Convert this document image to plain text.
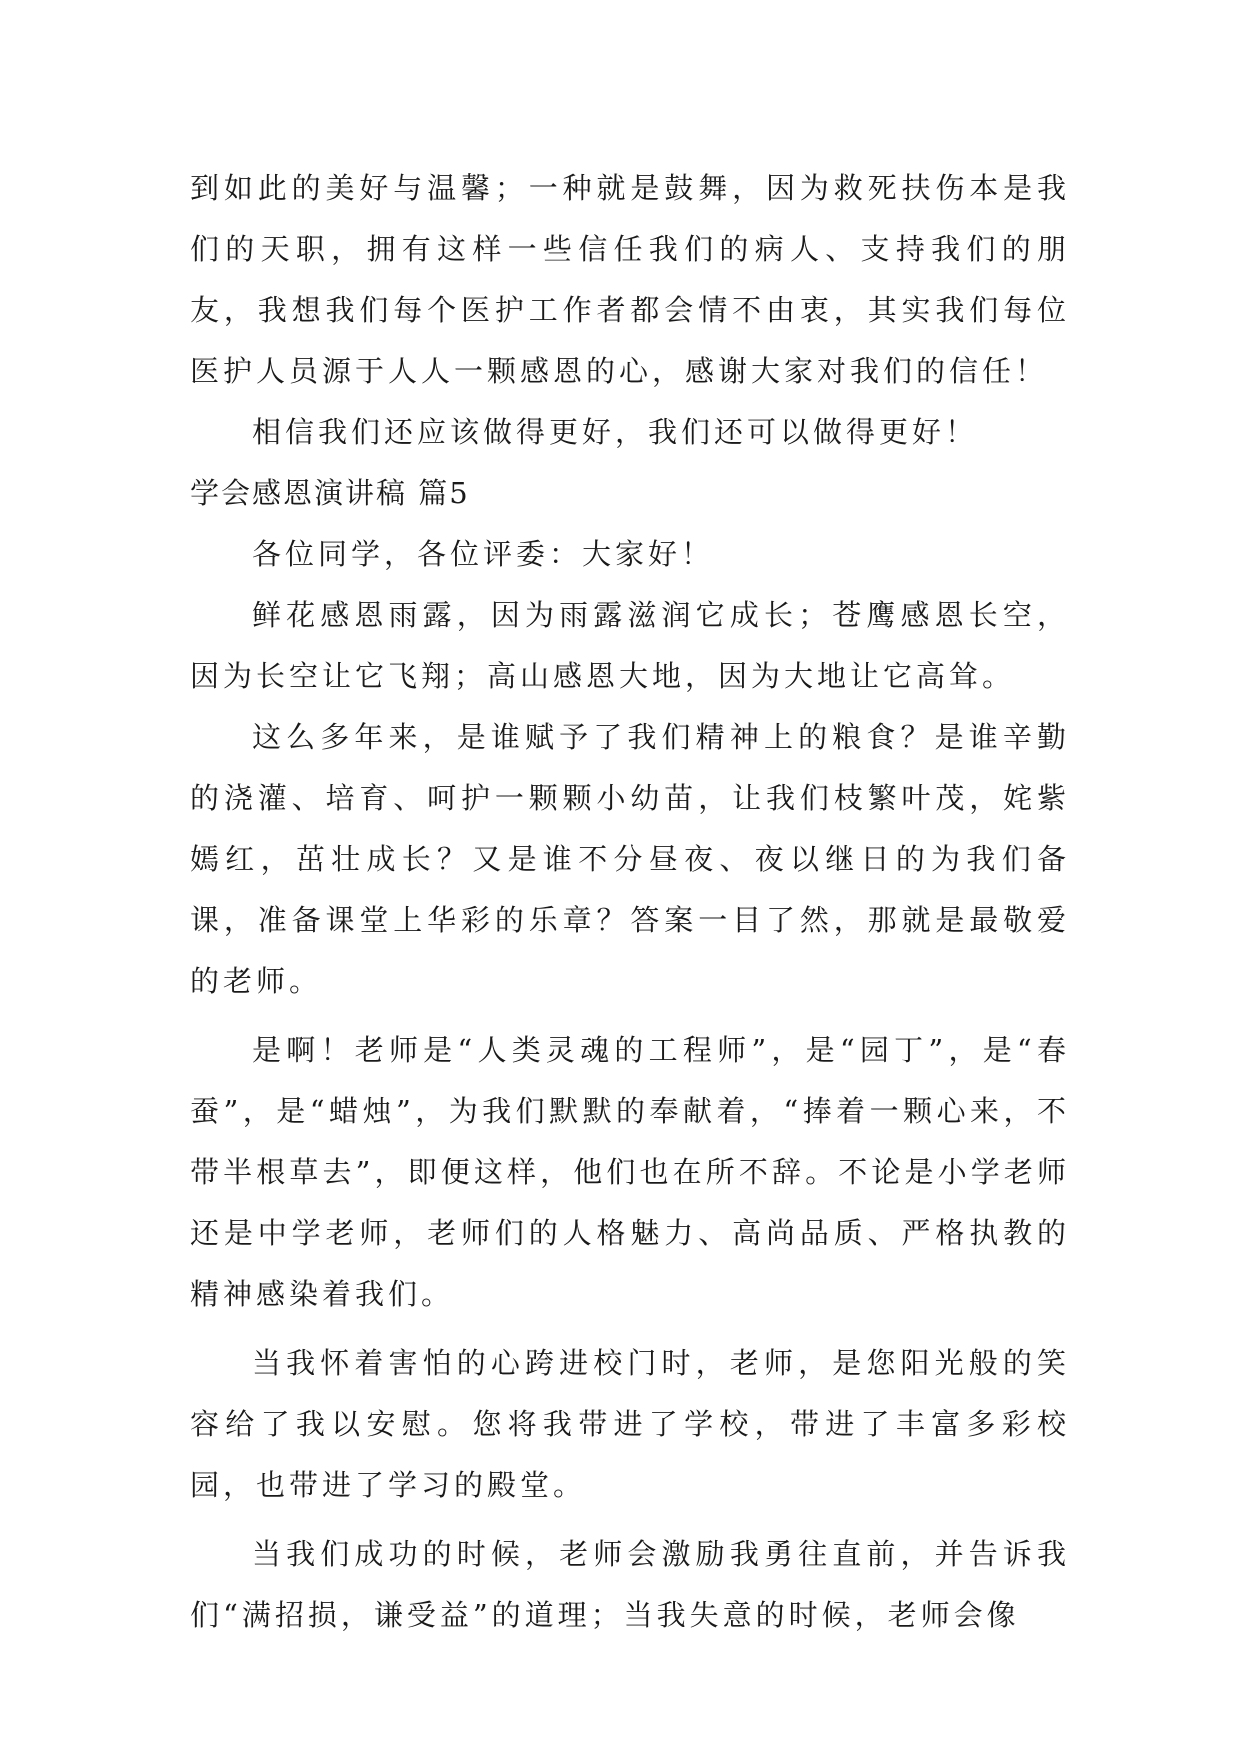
到如此的美好与温馨；一种就是鼓舞，因为救死扶伤本是我们的天职，拥有这样一些信任我们的病人、支持我们的朋友，我想我们每个医护工作者都会情不由衷，其实我们每位医护人员源于人人一颗感恩的心，感谢大家对我们的信任！

相信我们还应该做得更好，我们还可以做得更好！

学会感恩演讲稿 篇5

各位同学，各位评委：大家好！

鲜花感恩雨露，因为雨露滋润它成长；苍鹰感恩长空，因为长空让它飞翔；高山感恩大地，因为大地让它高耸。

这么多年来，是谁赋予了我们精神上的粮食？是谁辛勤的浇灌、培育、呵护一颗颗小幼苗，让我们枝繁叶茂，姹紫嫣红，茁壮成长？又是谁不分昼夜、夜以继日的为我们备课，准备课堂上华彩的乐章？答案一目了然，那就是最敬爱的老师。

是啊！老师是“人类灵魂的工程师”，是“园丁”，是“春蚕”，是“蜡烛”，为我们默默的奉献着，“捧着一颗心来，不带半根草去”，即便这样，他们也在所不辞。不论是小学老师还是中学老师，老师们的人格魅力、高尚品质、严格执教的精神感染着我们。

当我怀着害怕的心跨进校门时，老师，是您阳光般的笑容给了我以安慰。您将我带进了学校，带进了丰富多彩校园，也带进了学习的殿堂。

当我们成功的时候，老师会激励我勇往直前，并告诉我们“满招损，谦受益”的道理；当我失意的时候，老师会像
